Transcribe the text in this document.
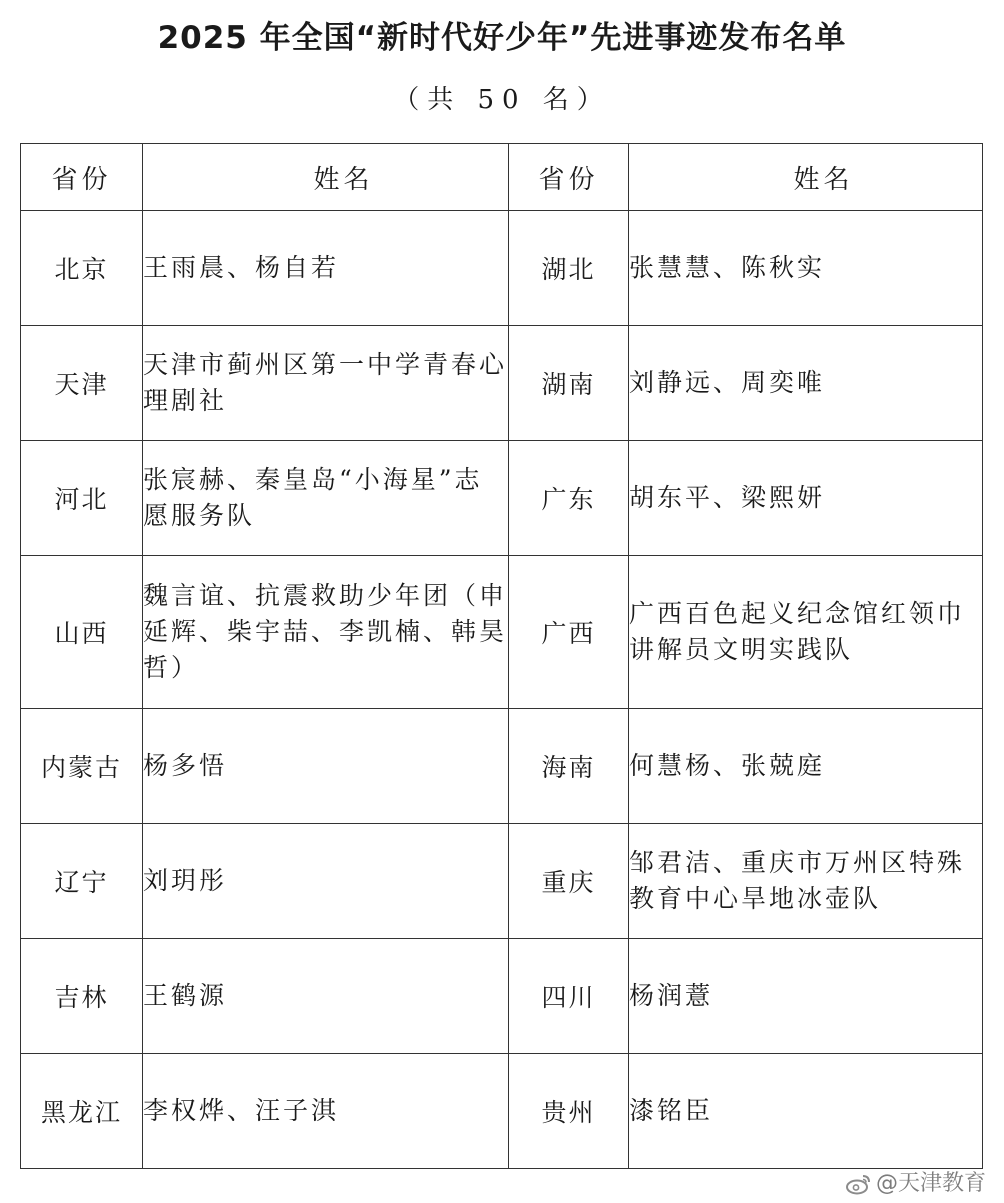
2025 年全国“新时代好少年”先进事迹发布名单
（共 50 名）
省份	姓名	省份	姓名
北京	王雨晨、杨自若	湖北	张慧慧、陈秋实
天津	天津市蓟州区第一中学青春心理剧社	湖南	刘静远、周奕唯
河北	张宸赫、秦皇岛“小海星”志愿服务队	广东	胡东平、梁熙妍
山西	魏言谊、抗震救助少年团（申延辉、柴宇喆、李凯楠、韩昊哲）	广西	广西百色起义纪念馆红领巾讲解员文明实践队
内蒙古	杨多悟	海南	何慧杨、张兢庭
辽宁	刘玥彤	重庆	邹君洁、重庆市万州区特殊教育中心旱地冰壶队
吉林	王鹤源	四川	杨润薏
黑龙江	李权烨、汪子淇	贵州	漆铭臣
@天津教育
